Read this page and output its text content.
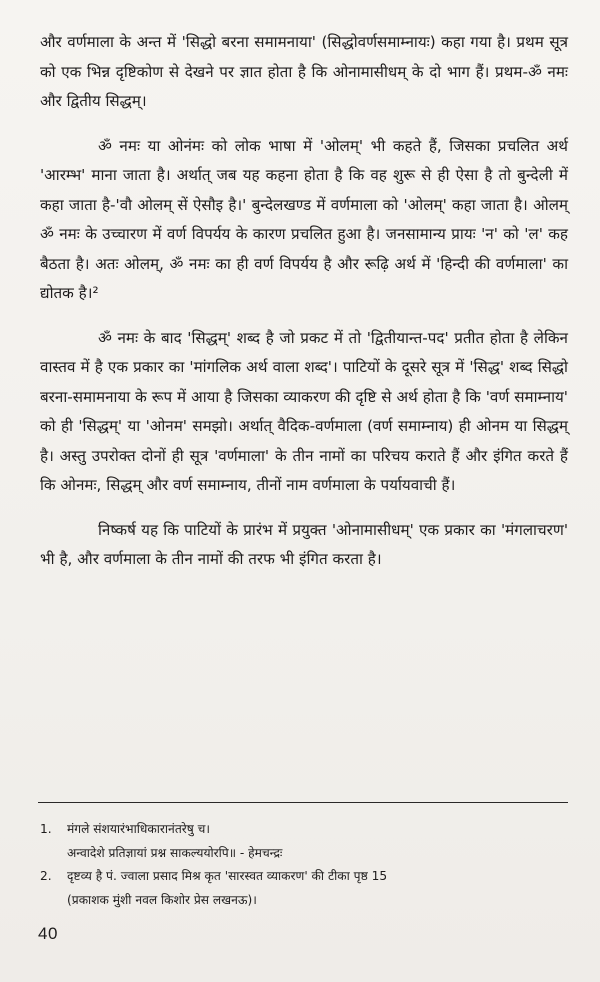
और वर्णमाला के अन्त में 'सिद्धो बरना समामनाया' (सिद्धोवर्णसमाम्नायः) कहा गया है। प्रथम सूत्र को एक भिन्न दृष्टिकोण से देखने पर ज्ञात होता है कि ओनामासीधम् के दो भाग हैं। प्रथम-ॐ नमः और द्वितीय सिद्धम्।

ॐ नमः या ओनंमः को लोक भाषा में 'ओलम्' भी कहते हैं, जिसका प्रचलित अर्थ 'आरम्भ' माना जाता है। अर्थात् जब यह कहना होता है कि वह शुरू से ही ऐसा है तो बुन्देली में कहा जाता है-'वौ ओलम् सें ऐसौइ है।' बुन्देलखण्ड में वर्णमाला को 'ओलम्' कहा जाता है। ओलम् ॐ नमः के उच्चारण में वर्ण विपर्यय के कारण प्रचलित हुआ है। जनसामान्य प्रायः 'न' को 'ल' कह बैठता है। अतः ओलम्, ॐ नमः का ही वर्ण विपर्यय है और रूढ़ि अर्थ में 'हिन्दी की वर्णमाला' का द्योतक है।²

ॐ नमः के बाद 'सिद्धम्' शब्द है जो प्रकट में तो 'द्वितीयान्त-पद' प्रतीत होता है लेकिन वास्तव में है एक प्रकार का 'मांगलिक अर्थ वाला शब्द'। पाटियों के दूसरे सूत्र में 'सिद्ध' शब्द सिद्धो बरना-समामनाया के रूप में आया है जिसका व्याकरण की दृष्टि से अर्थ होता है कि 'वर्ण समाम्नाय' को ही 'सिद्धम्' या 'ओनम' समझो। अर्थात् वैदिक-वर्णमाला (वर्ण समाम्नाय) ही ओनम या सिद्धम् है। अस्तु उपरोक्त दोनों ही सूत्र 'वर्णमाला' के तीन नामों का परिचय कराते हैं और इंगित करते हैं कि ओनमः, सिद्धम् और वर्ण समाम्नाय, तीनों नाम वर्णमाला के पर्यायवाची हैं।

निष्कर्ष यह कि पाटियों के प्रारंभ में प्रयुक्त 'ओनामासीधम्' एक प्रकार का 'मंगलाचरण' भी है, और वर्णमाला के तीन नामों की तरफ भी इंगित करता है।

1.	मंगले संशयारंभाधिकारानंतरेषु च।
अन्वादेशे प्रतिज्ञायां प्रश्न साकल्ययोरपि॥ - हेमचन्द्रः
2.	दृष्टव्य है पं. ज्वाला प्रसाद मिश्र कृत 'सारस्वत व्याकरण' की टीका पृष्ठ 15
(प्रकाशक मुंशी नवल किशोर प्रेस लखनऊ)।
40
